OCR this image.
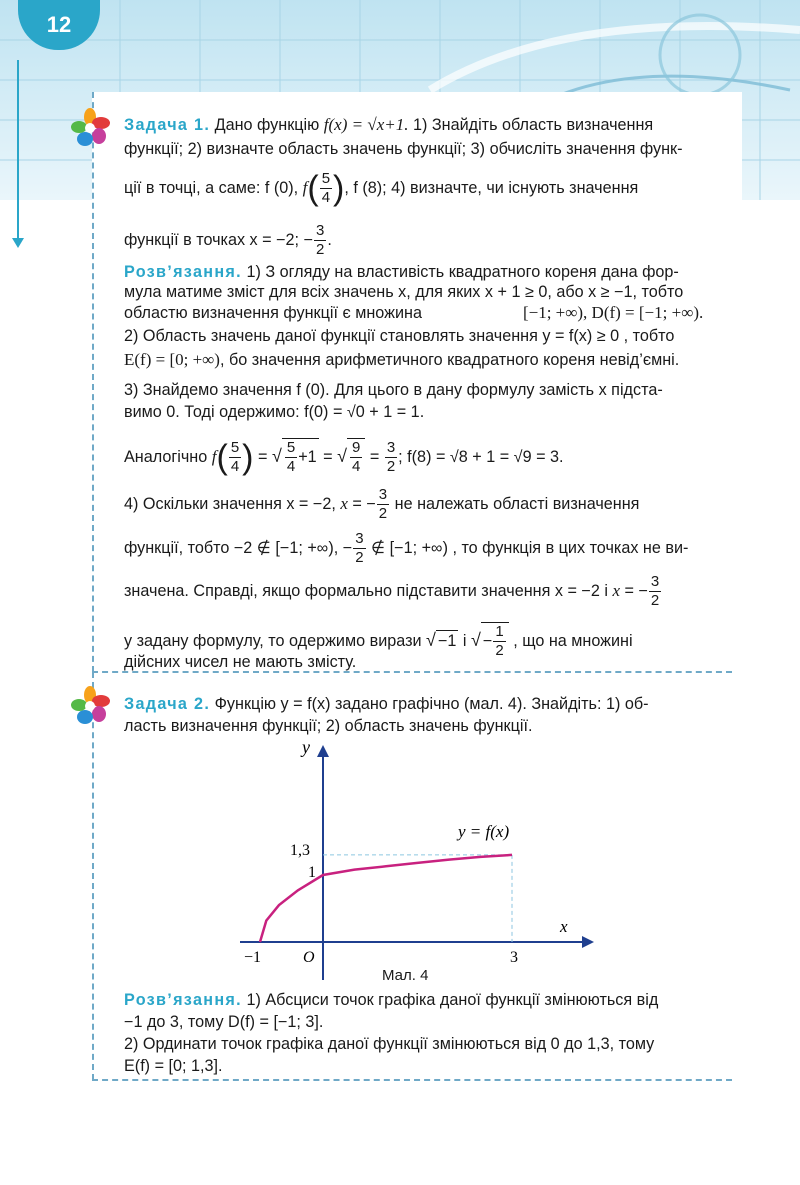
12
Задача 1. Дано функцію f(x) = √x+1. 1) Знайдіть область визначення
функції; 2) визначте область значень функції; 3) обчисліть значення функ-
ції в точці, а саме: f (0), $f( \frac{5}{4}$ ), f (8); 4) визначте, чи існують значення
функції в точках x = −2; − $\frac{3}{2}$ .
Розв’язання. 1) З огляду на властивість квадратного кореня дана фор-
мула матиме зміст для всіх значень x, для яких x + 1 ≥ 0, або x ≥ −1, тобто
областю визначення функції є множина	[−1; +∞), D(f) = [−1; +∞).
2) Область значень даної функції становлять значення y = f(x) ≥ 0 , тобто
E(f) = [0; +∞), бо значення арифметичного квадратного кореня невід’ємні.
3) Знайдемо значення f (0). Для цього в дану формулу замість x підста-
вимо 0. Тоді одержимо: f(0) = √0 + 1 = 1.
Аналогічно $f( \frac{5}{4}$ ) = √ $\frac{5}{4} +1$ = √ $\frac{9}{4} = \frac{3}{2}$ ; f(8) = √8 + 1 = √9 = 3.
4) Оскільки значення x = −2, x = − $\frac{3}{2}$ не належать області визначення
функції, тобто −2 ∉ [−1; +∞), − $\frac{3}{2}$ ∉ [−1; +∞) , то функція в цих точках не ви-
значена. Справді, якщо формально підставити значення x = −2 і x = − $\frac{3}{2}$
у задану формулу, то одержимо вирази √ −1 і √ − $\frac{1}{2}$ , що на множині
дійсних чисел не мають змісту.
Задача 2. Функцію y = f(x) задано графічно (мал. 4). Знайдіть: 1) об-
ласть визначення функції; 2) область значень функції.
x
y
O
−1	3
1
1,3
y = f(x)
Мал. 4
Розв’язання. 1) Абсциси точок графіка даної функції змінюються від
−1 до 3, тому D(f) = [−1; 3].
2) Ординати точок графіка даної функції змінюються від 0 до 1,3, тому
E(f) = [0; 1,3].
